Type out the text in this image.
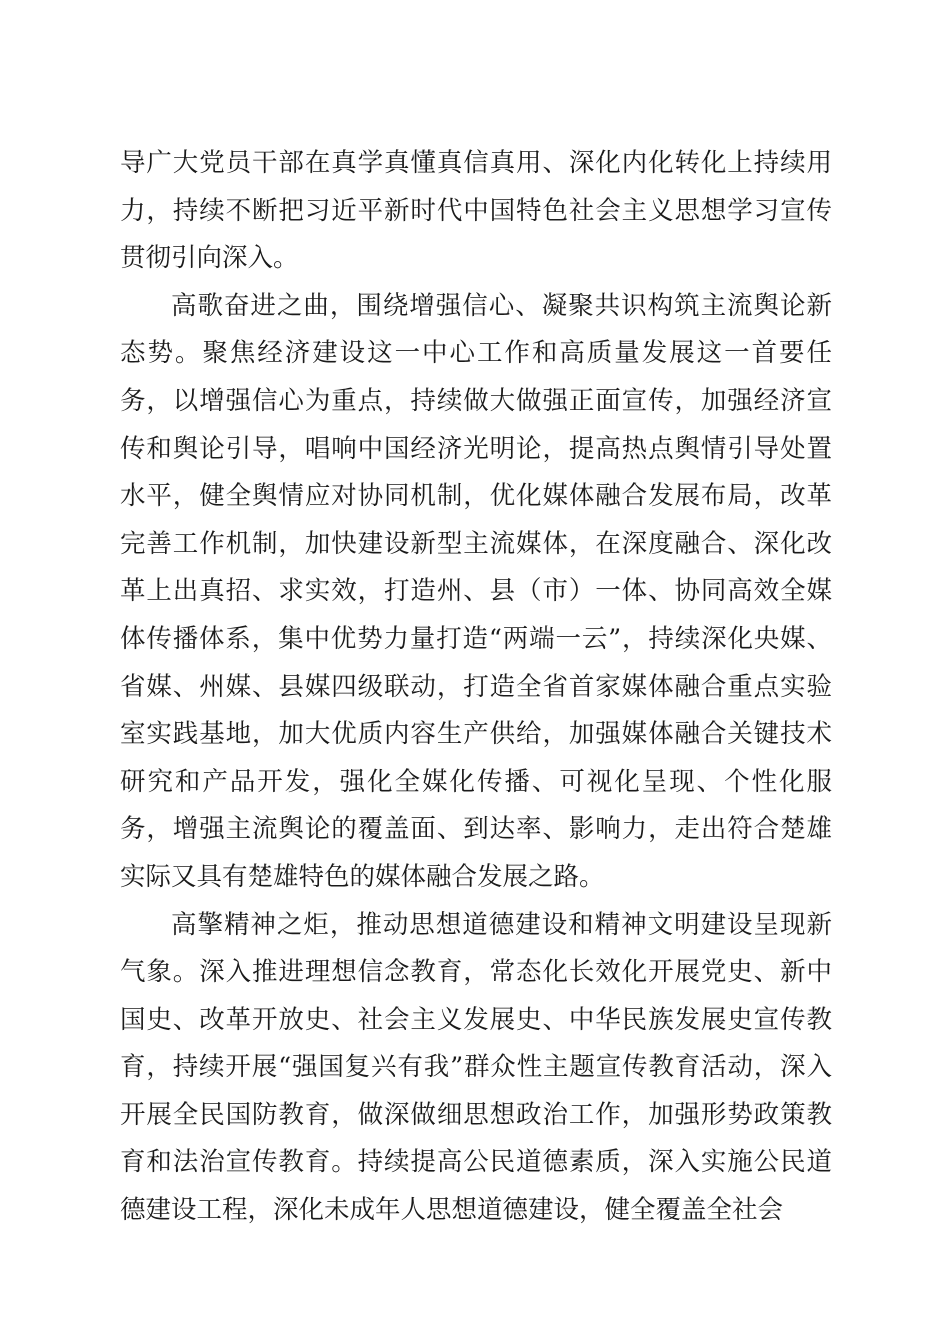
导广大党员干部在真学真懂真信真用、深化内化转化上持续用力，持续不断把习近平新时代中国特色社会主义思想学习宣传贯彻引向深入。

高歌奋进之曲，围绕增强信心、凝聚共识构筑主流舆论新态势。聚焦经济建设这一中心工作和高质量发展这一首要任务，以增强信心为重点，持续做大做强正面宣传，加强经济宣传和舆论引导，唱响中国经济光明论，提高热点舆情引导处置水平，健全舆情应对协同机制，优化媒体融合发展布局，改革完善工作机制，加快建设新型主流媒体，在深度融合、深化改革上出真招、求实效，打造州、县（市）一体、协同高效全媒体传播体系，集中优势力量打造“两端一云”，持续深化央媒、省媒、州媒、县媒四级联动，打造全省首家媒体融合重点实验室实践基地，加大优质内容生产供给，加强媒体融合关键技术研究和产品开发，强化全媒化传播、可视化呈现、个性化服务，增强主流舆论的覆盖面、到达率、影响力，走出符合楚雄实际又具有楚雄特色的媒体融合发展之路。

高擎精神之炬，推动思想道德建设和精神文明建设呈现新气象。深入推进理想信念教育，常态化长效化开展党史、新中国史、改革开放史、社会主义发展史、中华民族发展史宣传教育，持续开展“强国复兴有我”群众性主题宣传教育活动，深入开展全民国防教育，做深做细思想政治工作，加强形势政策教育和法治宣传教育。持续提高公民道德素质，深入实施公民道德建设工程，深化未成年人思想道德建设，健全覆盖全社会
